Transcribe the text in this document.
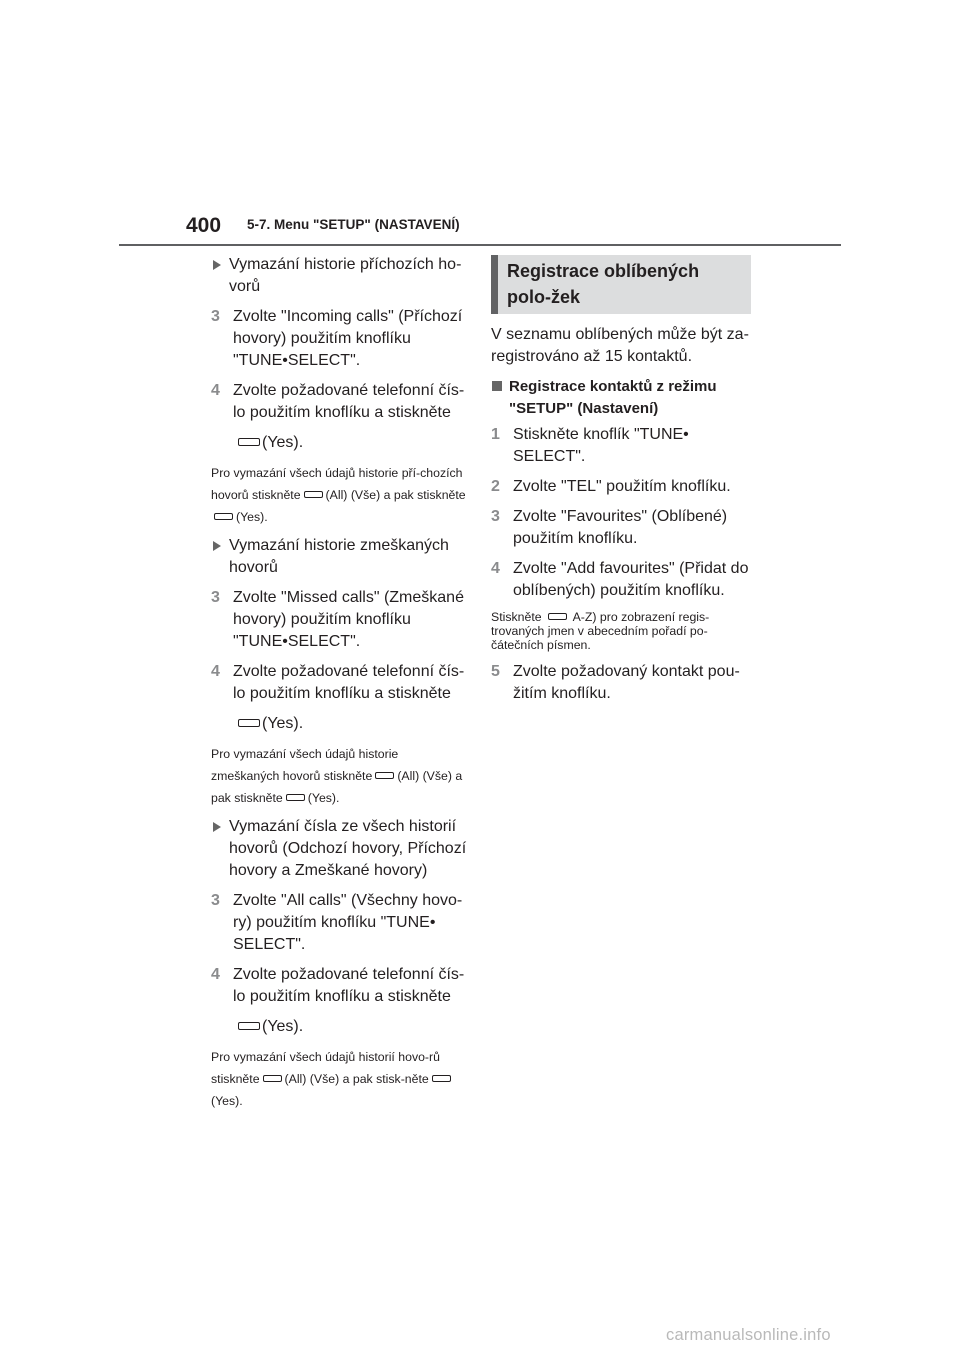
400 5-7. Menu "SETUP" (NASTAVENÍ)
Vymazání historie příchozích ho-vorů
3 Zvolte "Incoming calls" (Příchozí hovory) použitím knoflíku "TUNE•SELECT".
4 Zvolte požadované telefonní čís-lo použitím knoflíku a stiskněte
(Yes).
Pro vymazání všech údajů historie pří-chozích hovorů stiskněte (All) (Vše) a pak stiskněte(Yes).
Vymazání historie zmeškaných hovorů
3 Zvolte "Missed calls" (Zmeškané hovory) použitím knoflíku "TUNE•SELECT".
4 Zvolte požadované telefonní čís-lo použitím knoflíku a stiskněte
(Yes).
Pro vymazání všech údajů historie zmeškaných hovorů stiskněte (All) (Vše) a pak stiskněte (Yes).
Vymazání čísla ze všech historií hovorů (Odchozí hovory, Příchozí hovory a Zmeškané hovory)
3 Zvolte "All calls" (Všechny hovo-ry) použitím knoflíku "TUNE• SELECT".
4 Zvolte požadované telefonní čís-lo použitím knoflíku a stiskněte
(Yes).
Pro vymazání všech údajů historií hovo-rů stiskněte (All) (Vše) a pak stisk-něte(Yes).
Registrace oblíbených polo-žek
V seznamu oblíbených může být za-registrováno až 15 kontaktů.
Registrace kontaktů z režimu "SETUP" (Nastavení)
1 Stiskněte knoflík "TUNE• SELECT".
2 Zvolte "TEL" použitím knoflíku.
3 Zvolte "Favourites" (Oblíbené) použitím knoflíku.
4 Zvolte "Add favourites" (Přidat do oblíbených) použitím knoflíku.
Stiskněte	A-Z) pro zobrazení regis-trovaných jmen v abecedním pořadí po-čátečních písmen.
5 Zvolte požadovaný kontakt pou-žitím knoflíku.
carmanualsonline.info
